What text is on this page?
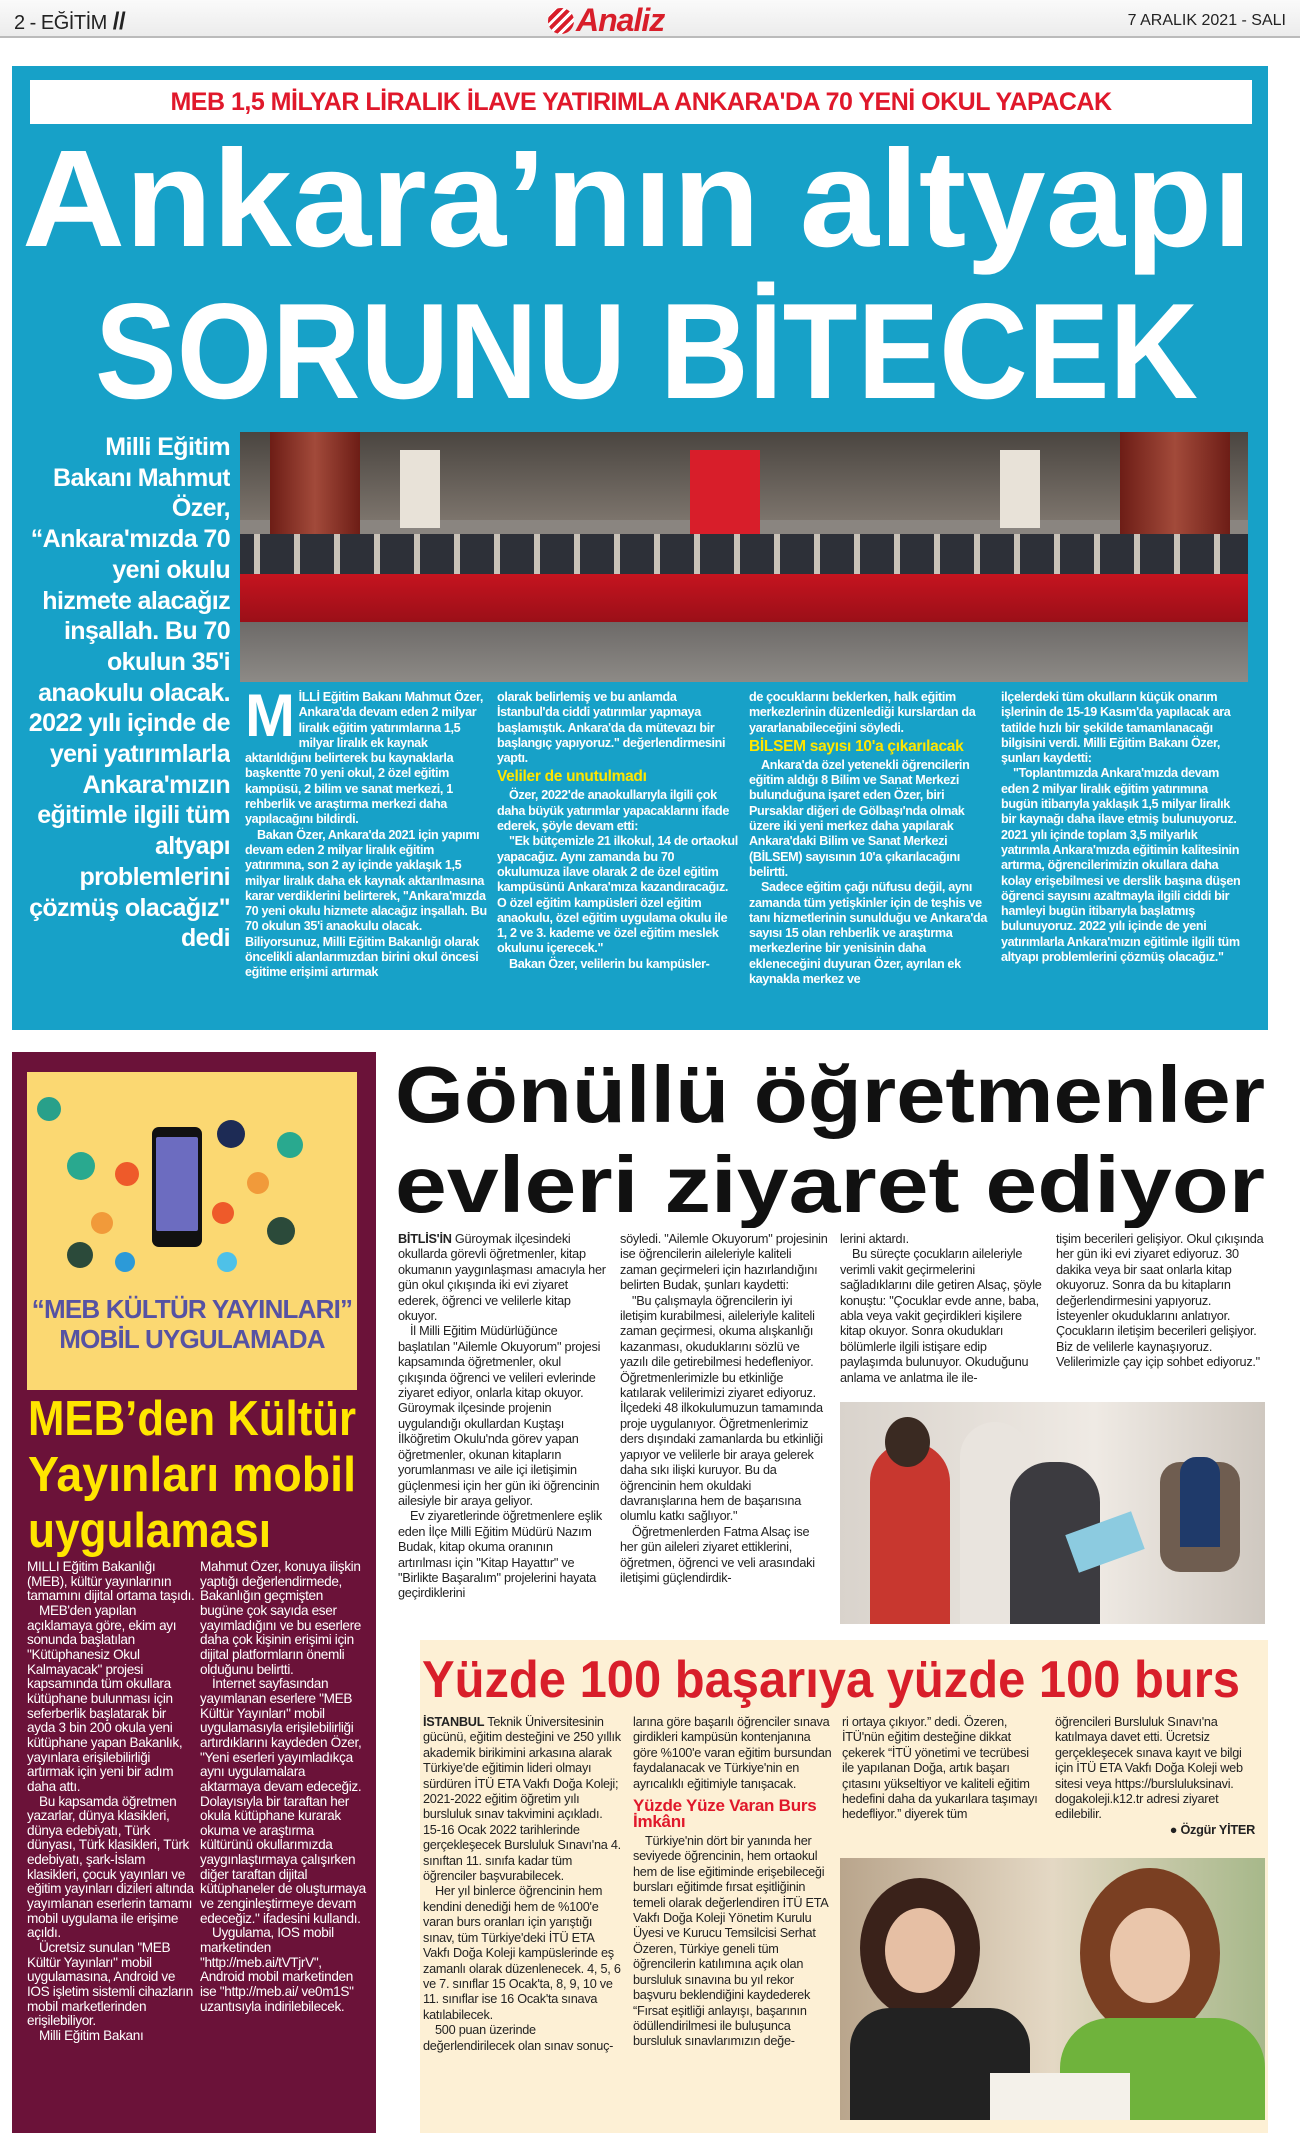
2 - EĞİTİM //	Analiz	7 ARALIK 2021 - SALI
MEB 1,5 MİLYAR LİRALIK İLAVE YATIRIMLA ANKARA'DA 70 YENİ OKUL YAPACAK
Ankara’nın altyapı
SORUNU BİTECEK
Milli Eğitim Bakanı Mahmut Özer, “Ankara'mızda 70 yeni okulu hizmete alacağız inşallah. Bu 70 okulun 35'i anaokulu olacak. 2022 yılı içinde de yeni yatırımlarla Ankara'mızın eğitimle ilgili tüm altyapı problemlerini çözmüş olacağız" dedi
M İLLİ Eğitim Bakanı Mahmut Özer, Ankara'da devam eden 2 milyar liralık eğitim yatırımlarına 1,5 milyar liralık ek kaynak aktarıldığını belirterek bu kaynaklarla başkentte 70 yeni okul, 2 özel eğitim kampüsü, 2 bilim ve sanat merkezi, 1 rehberlik ve araştırma merkezi daha yapılacağını bildirdi.

Bakan Özer, Ankara'da 2021 için yapımı devam eden 2 milyar liralık eğitim yatırımına, son 2 ay içinde yaklaşık 1,5 milyar liralık daha ek kaynak aktarılmasına karar verdiklerini belirterek, "Ankara'mızda 70 yeni okulu hizmete alacağız inşallah. Bu 70 okulun 35'i anaokulu olacak. Biliyorsunuz, Milli Eğitim Bakanlığı olarak öncelikli alanlarımızdan birini okul öncesi eğitime erişimi artırmak

olarak belirlemiş ve bu anlamda İstanbul'da ciddi yatırımlar yapmaya başlamıştık. Ankara'da da mütevazı bir başlangıç yapıyoruz." değerlendirmesini yaptı.

Veliler de unutulmadı

Özer, 2022'de anaokullarıyla ilgili çok daha büyük yatırımlar yapacaklarını ifade ederek, şöyle devam etti:

"Ek bütçemizle 21 ilkokul, 14 de ortaokul yapacağız. Aynı zamanda bu 70 okulumuza ilave olarak 2 de özel eğitim kampüsünü Ankara'mıza kazandıracağız. O özel eğitim kampüsleri özel eğitim anaokulu, özel eğitim uygulama okulu ile 1, 2 ve 3. kademe ve özel eğitim meslek okulunu içerecek."

Bakan Özer, velilerin bu kampüsler-

de çocuklarını beklerken, halk eğitim merkezlerinin düzenlediği kurslardan da yararlanabileceğini söyledi.

BİLSEM sayısı 10'a çıkarılacak

Ankara'da özel yetenekli öğrencilerin eğitim aldığı 8 Bilim ve Sanat Merkezi bulunduğuna işaret eden Özer, biri Pursaklar diğeri de Gölbaşı'nda olmak üzere iki yeni merkez daha yapılarak Ankara'daki Bilim ve Sanat Merkezi (BİLSEM) sayısının 10'a çıkarılacağını belirtti.

Sadece eğitim çağı nüfusu değil, aynı zamanda tüm yetişkinler için de teşhis ve tanı hizmetlerinin sunulduğu ve Ankara'da sayısı 15 olan rehberlik ve araştırma merkezlerine bir yenisinin daha ekleneceğini duyuran Özer, ayrılan ek kaynakla merkez ve

ilçelerdeki tüm okulların küçük onarım işlerinin de 15-19 Kasım'da yapılacak ara tatilde hızlı bir şekilde tamamlanacağı bilgisini verdi. Milli Eğitim Bakanı Özer, şunları kaydetti:

"Toplantımızda Ankara'mızda devam eden 2 milyar liralık eğitim yatırımına bugün itibarıyla yaklaşık 1,5 milyar liralık bir kaynağı daha ilave etmiş bulunuyoruz. 2021 yılı içinde toplam 3,5 milyarlık yatırımla Ankara'mızda eğitimin kalitesinin artırma, öğrencilerimizin okullara daha kolay erişebilmesi ve derslik başına düşen öğrenci sayısını azaltmayla ilgili ciddi bir hamleyi bugün itibarıyla başlatmış bulunuyoruz. 2022 yılı içinde de yeni yatırımlarla Ankara'mızın eğitimle ilgili tüm altyapı problemlerini çözmüş olacağız."

“MEB KÜLTÜR YAYINLARI”
MOBİL UYGULAMADA
MEB’den Kültür
Yayınları mobil
uygulaması

MİLLİ Eğitim Bakanlığı (MEB), kültür yayınlarının tamamını dijital ortama taşıdı.

MEB'den yapılan açıklamaya göre, ekim ayı sonunda başlatılan "Kütüphanesiz Okul Kalmayacak" projesi kapsamında tüm okullara kütüphane bulunması için seferberlik başlatarak bir ayda 3 bin 200 okula yeni kütüphane yapan Bakanlık, yayınlara erişilebilirliği artırmak için yeni bir adım daha attı.

Bu kapsamda öğretmen yazarlar, dünya klasikleri, dünya edebiyatı, Türk dünyası, Türk klasikleri, Türk edebiyatı, şark-İslam klasikleri, çocuk yayınları ve eğitim yayınları dizileri altında yayımlanan eserlerin tamamı mobil uygulama ile erişime açıldı.

Ücretsiz sunulan "MEB Kültür Yayınları" mobil uygulamasına, Android ve IOS işletim sistemli cihazların mobil marketlerinden erişilebiliyor.

Milli Eğitim Bakanı

Mahmut Özer, konuya ilişkin yaptığı değerlendirmede, Bakanlığın geçmişten bugüne çok sayıda eser yayımladığını ve bu eserlere daha çok kişinin erişimi için dijital platformların önemli olduğunu belirtti.

İnternet sayfasından yayımlanan eserlere "MEB Kültür Yayınları" mobil uygulamasıyla erişilebilirliği artırdıklarını kaydeden Özer, "Yeni eserleri yayımladıkça aynı uygulamalara aktarmaya devam edeceğiz. Dolayısıyla bir taraftan her okula kütüphane kurarak okuma ve araştırma kültürünü okullarımızda yaygınlaştırmaya çalışırken diğer taraftan dijital kütüphaneler de oluşturmaya ve zenginleştirmeye devam edeceğiz." ifadesini kullandı.

Uygulama, IOS mobil marketinden "http://meb.ai/tVTjrV", Android mobil marketinden ise "http://meb.ai/ ve0m1S" uzantısıyla indirilebilecek.

Gönüllü öğretmenler
evleri ziyaret ediyor

BİTLİS'İN Güroymak ilçesindeki okullarda görevli öğretmenler, kitap okumanın yaygınlaşması amacıyla her gün okul çıkışında iki evi ziyaret ederek, öğrenci ve velilerle kitap okuyor.

İl Milli Eğitim Müdürlüğünce başlatılan "Ailemle Okuyorum" projesi kapsamında öğretmenler, okul çıkışında öğrenci ve velileri evlerinde ziyaret ediyor, onlarla kitap okuyor. Güroymak ilçesinde projenin uygulandığı okullardan Kuştaşı İlköğretim Okulu'nda görev yapan öğretmenler, okunan kitapların yorumlanması ve aile içi iletişimin güçlenmesi için her gün iki öğrencinin ailesiyle bir araya geliyor.

Ev ziyaretlerinde öğretmenlere eşlik eden İlçe Milli Eğitim Müdürü Nazım Budak, kitap okuma oranının artırılması için "Kitap Hayattır" ve "Birlikte Başaralım" projelerini hayata geçirdiklerini

söyledi. "Ailemle Okuyorum" projesinin ise öğrencilerin aileleriyle kaliteli zaman geçirmeleri için hazırlandığını belirten Budak, şunları kaydetti:

"Bu çalışmayla öğrencilerin iyi iletişim kurabilmesi, aileleriyle kaliteli zaman geçirmesi, okuma alışkanlığı kazanması, okuduklarını sözlü ve yazılı dile getirebilmesi hedefleniyor. Öğretmenlerimizle bu etkinliğe katılarak velilerimizi ziyaret ediyoruz. İlçedeki 48 ilkokulumuzun tamamında proje uygulanıyor. Öğretmenlerimiz ders dışındaki zamanlarda bu etkinliği yapıyor ve velilerle bir araya gelerek daha sıkı ilişki kuruyor. Bu da öğrencinin hem okuldaki davranışlarına hem de başarısına olumlu katkı sağlıyor."

Öğretmenlerden Fatma Alsaç ise her gün aileleri ziyaret ettiklerini, öğretmen, öğrenci ve veli arasındaki iletişimi güçlendirdik-

lerini aktardı.

Bu süreçte çocukların aileleriyle verimli vakit geçirmelerini sağladıklarını dile getiren Alsaç, şöyle konuştu: "Çocuklar evde anne, baba, abla veya vakit geçirdikleri kişilere kitap okuyor. Sonra okudukları bölümlerle ilgili istişare edip paylaşımda bulunuyor. Okuduğunu anlama ve anlatma ile ile-

tişim becerileri gelişiyor. Okul çıkışında her gün iki evi ziyaret ediyoruz. 30 dakika veya bir saat onlarla kitap okuyoruz. Sonra da bu kitapların değerlendirmesini yapıyoruz. İsteyenler okuduklarını anlatıyor. Çocukların iletişim becerileri gelişiyor. Biz de velilerle kaynaşıyoruz. Velilerimizle çay içip sohbet ediyoruz."

Yüzde 100 başarıya yüzde 100 burs

İSTANBUL Teknik Üniversitesinin gücünü, eğitim desteğini ve 250 yıllık akademik birikimini arkasına alarak Türkiye'de eğitimin lideri olmayı sürdüren İTÜ ETA Vakfı Doğa Koleji; 2021-2022 eğitim öğretim yılı bursluluk sınav takvimini açıkladı. 15-16 Ocak 2022 tarihlerinde gerçekleşecek Bursluluk Sınavı'na 4. sınıftan 11. sınıfa kadar tüm öğrenciler başvurabilecek.

Her yıl binlerce öğrencinin hem kendini denediği hem de %100'e varan burs oranları için yarıştığı sınav, tüm Türkiye'deki İTÜ ETA Vakfı Doğa Koleji kampüslerinde eş zamanlı olarak düzenlenecek. 4, 5, 6 ve 7. sınıflar 15 Ocak'ta, 8, 9, 10 ve 11. sınıflar ise 16 Ocak'ta sınava katılabilecek.

500 puan üzerinde değerlendirilecek olan sınav sonuç-

larına göre başarılı öğrenciler sınava girdikleri kampüsün kontenjanına göre %100'e varan eğitim bursundan faydalanacak ve Türkiye'nin en ayrıcalıklı eğitimiyle tanışacak.

Yüzde Yüze Varan Burs İmkânı

Türkiye'nin dört bir yanında her seviyede öğrencinin, hem ortaokul hem de lise eğitiminde erişebileceği bursları eğitimde fırsat eşitliğinin temeli olarak değerlendiren İTÜ ETA Vakfı Doğa Koleji Yönetim Kurulu Üyesi ve Kurucu Temsilcisi Serhat Özeren, Türkiye geneli tüm öğrencilerin katılımına açık olan bursluluk sınavına bu yıl rekor başvuru beklendiğini kaydederek “Fırsat eşitliği anlayışı, başarının ödüllendirilmesi ile buluşunca bursluluk sınavlarımızın değe-

ri ortaya çıkıyor.” dedi. Özeren, İTÜ'nün eğitim desteğine dikkat çekerek “İTÜ yönetimi ve tecrübesi ile yapılanan Doğa, artık başarı çıtasını yükseltiyor ve kaliteli eğitim hedefini daha da yukarılara taşımayı hedefliyor.” diyerek tüm

öğrencileri Bursluluk Sınavı'na katılmaya davet etti. Ücretsiz gerçekleşecek sınava kayıt ve bilgi için İTÜ ETA Vakfı Doğa Koleji web sitesi veya https://bursluluksinavi. dogakoleji.k12.tr adresi ziyaret edilebilir.

● Özgür YİTER
